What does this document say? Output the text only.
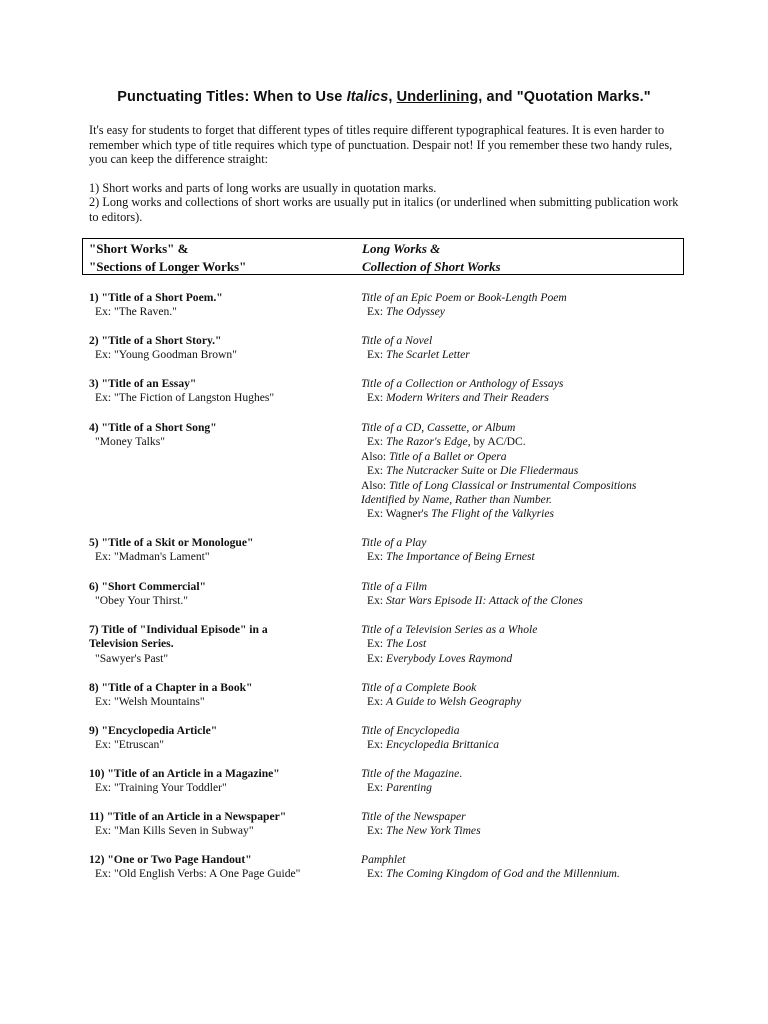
Punctuating Titles: When to Use Italics, Underlining, and "Quotation Marks."

It's easy for students to forget that different types of titles require different typographical features. It is even harder to remember which type of title requires which type of punctuation. Despair not! If you remember these two handy rules, you can keep the difference straight:

1) Short works and parts of long works are usually in quotation marks.

2) Long works and collections of short works are usually put in italics (or underlined when submitting publication work to editors).

"Short Works" &
"Sections of Longer Works"
Long Works &
Collection of Short Works
1) "Title of a Short Poem."
Ex: "The Raven."
Title of an Epic Poem or Book-Length Poem
Ex: The Odyssey
2) "Title of a Short Story."
Ex: "Young Goodman Brown"
Title of a Novel
Ex: The Scarlet Letter
3) "Title of an Essay"
Ex: "The Fiction of Langston Hughes"
Title of a Collection or Anthology of Essays
Ex: Modern Writers and Their Readers
4) "Title of a Short Song"
"Money Talks"
Title of a CD, Cassette, or Album
Ex: The Razor's Edge, by AC/DC.
Also: Title of a Ballet or Opera
Ex: The Nutcracker Suite or Die Fliedermaus
Also: Title of Long Classical or Instrumental Compositions
Identified by Name, Rather than Number.
Ex: Wagner's The Flight of the Valkyries
5) "Title of a Skit or Monologue"
Ex: "Madman's Lament"
Title of a Play
Ex: The Importance of Being Ernest
6) "Short Commercial"
"Obey Your Thirst."
Title of a Film
Ex: Star Wars Episode II: Attack of the Clones
7) Title of "Individual Episode" in a
Television Series.
"Sawyer's Past"
Title of a Television Series as a Whole
Ex: The Lost
Ex: Everybody Loves Raymond
8) "Title of a Chapter in a Book"
Ex: "Welsh Mountains"
Title of a Complete Book
Ex: A Guide to Welsh Geography
9) "Encyclopedia Article"
Ex: "Etruscan"
Title of Encyclopedia
Ex: Encyclopedia Brittanica
10) "Title of an Article in a Magazine"
Ex: "Training Your Toddler"
Title of the Magazine.
Ex: Parenting
11) "Title of an Article in a Newspaper"
Ex: "Man Kills Seven in Subway"
Title of the Newspaper
Ex: The New York Times
12) "One or Two Page Handout"
Ex: "Old English Verbs: A One Page Guide"
Pamphlet
Ex: The Coming Kingdom of God and the Millennium.
